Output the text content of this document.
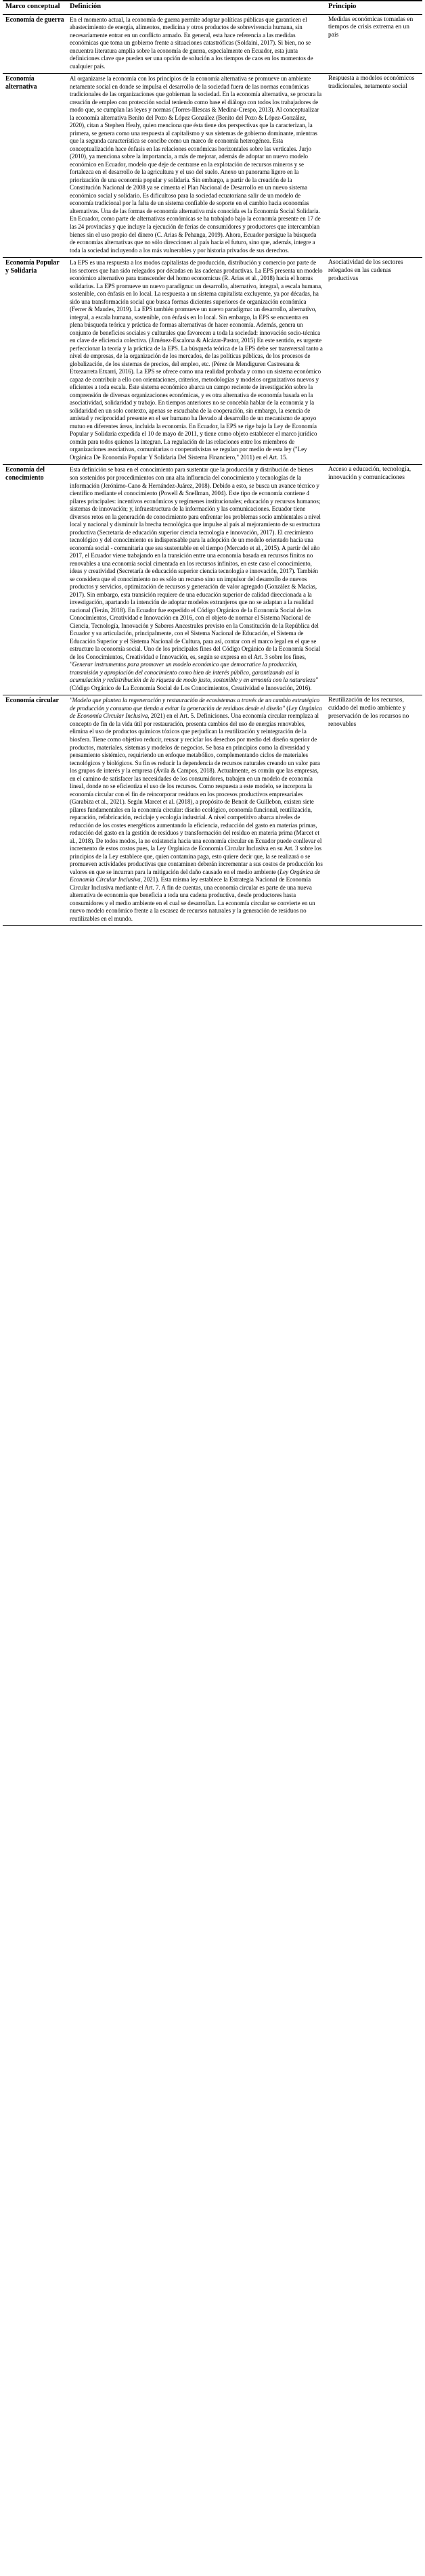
Marco conceptual	Definición	Principio
Economía de guerra	En el momento actual, la economía de guerra permite adoptar políticas públicas que garanticen el abastecimiento de energía, alimentos, medicina y otros productos de sobrevivencia humana, sin necesariamente entrar en un conflicto armado. En general, esta hace referencia a las medidas económicas que toma un gobierno frente a situaciones catastróficas (Soldaini, 2017). Si bien, no se encuentra literatura amplia sobre la economía de guerra, especialmente en Ecuador, esta junta definiciones clave que pueden ser una opción de solución a los tiempos de caos en los momentos de cualquier país.	Medidas económicas tomadas en tiempos de crisis extrema en un país
Economía alternativa	Al organizarse la economía con los principios de la economía alternativa se promueve un ambiente netamente social en donde se impulsa el desarrollo de la sociedad fuera de las normas económicas tradicionales de las organizaciones que gobiernan la sociedad. En la economía alternativa, se procura la creación de empleo con protección social teniendo como base el diálogo con todos los trabajadores de modo que, se cumplan las leyes y normas (Torres-Illescas & Medina-Crespo, 2013). Al conceptualizar la economía alternativa Benito del Pozo & López González (Benito del Pozo & López-González, 2020), citan a Stephen Healy, quien menciona que ésta tiene dos perspectivas que la caracterizan, la primera, se genera como una respuesta al capitalismo y sus sistemas de gobierno dominante, mientras que la segunda característica se concibe como un marco de economía heterogénea. Esta conceptualización hace énfasis en las relaciones económicas horizontales sobre las verticales. Jurjo (2010), ya menciona sobre la importancia, a más de mejorar, además de adoptar un nuevo modelo económico en Ecuador, modelo que deje de centrarse en la explotación de recursos mineros y se fortalezca en el desarrollo de la agricultura y el uso del suelo. Anexo un panorama ligero en la priorización de una economía popular y solidaria. Sin embargo, a partir de la creación de la Constitución Nacional de 2008 ya se cimenta el Plan Nacional de Desarrollo en un nuevo sistema económico social y solidario. Es dificultoso para la sociedad ecuatoriana salir de un modelo de economía tradicional por la falta de un sistema confiable de soporte en el cambio hacia economías alternativas. Una de las formas de economía alternativa más conocida es la Economía Social Solidaria. En Ecuador, como parte de alternativas económicas se ha trabajado bajo la economía presente en 17 de las 24 provincias y que incluye la ejecución de ferias de consumidores y productores que intercambian bienes sin el uso propio del dinero (C. Arias & Pehanga, 2019). Ahora, Ecuador persigue la búsqueda de economías alternativas que no sólo direccionen al país hacia el futuro, sino que, además, integre a toda la sociedad incluyendo a los más vulnerables y por historia privados de sus derechos.	Respuesta a modelos económicos tradicionales, netamente social
Economía Popular y Solidaria	La EPS es una respuesta a los modos capitalistas de producción, distribución y comercio por parte de los sectores que han sido relegados por décadas en las cadenas productivas. La EPS presenta un modelo económico alternativo para transcender del homo economicus (R. Arias et al., 2018) hacia el homus solidarius. La EPS promueve un nuevo paradigma: un desarrollo, alternativo, integral, a escala humana, sostenible, con énfasis en lo local. La respuesta a un sistema capitalista excluyente, ya por décadas, ha sido una transformación social que busca formas dicientes superiores de organización económica (Ferrer & Maudes, 2019). La EPS también promueve un nuevo paradigma: un desarrollo, alternativo, integral, a escala humana, sostenible, con énfasis en lo local. Sin embargo, la EPS se encuentra en plena búsqueda teórica y práctica de formas alternativas de hacer economía. Además, genera un conjunto de beneficios sociales y culturales que favorecen a toda la sociedad: innovación socio-técnica en clave de eficiencia colectiva. (Jiménez-Escalona & Alcázar-Pastor, 2015) En este sentido, es urgente perfeccionar la teoría y la práctica de la EPS. La búsqueda teórica de la EPS debe ser transversal tanto a nivel de empresas, de la organización de los mercados, de las políticas públicas, de los procesos de globalización, de los sistemas de precios, del empleo, etc. (Pérez de Mendiguren Castresana & Etxezarreta Etxarri, 2016). La EPS se ofrece como una realidad probada y como un sistema económico capaz de contribuir a ello con orientaciones, criterios, metodologías y modelos organizativos nuevos y eficientes a toda escala. Este sistema económico abarca un campo reciente de investigación sobre la comprensión de diversas organizaciones económicas, y es otra alternativa de economía basada en la asociatividad, solidaridad y trabajo. En tiempos anteriores no se concebía hablar de la economía y la solidaridad en un solo contexto, apenas se escuchaba de la cooperación, sin embargo, la esencia de amistad y reciprocidad presente en el ser humano ha llevado al desarrollo de un mecanismo de apoyo mutuo en diferentes áreas, incluida la economía. En Ecuador, la EPS se rige bajo la Ley de Economía Popular y Solidaria expedida el 10 de mayo de 2011, y tiene como objeto establecer el marco jurídico común para todos quienes la integran. La regulación de las relaciones entre los miembros de organizaciones asociativas, comunitarias o cooperativistas se regulan por medio de esta ley ("Ley Orgánica De Economía Popular Y Solidaria Del Sistema Financiero," 2011) en el Art. 15.	Asociatividad de los sectores relegados en las cadenas productivas
Economía del conocimiento	Esta definición se basa en el conocimiento para sustentar que la producción y distribución de bienes son sostenidos por procedimientos con una alta influencia del conocimiento y tecnologías de la información (Jerónimo-Cano & Hernández-Juárez, 2018). Debido a esto, se busca un avance técnico y científico mediante el conocimiento (Powell & Snellman, 2004). Este tipo de economía contiene 4 pilares principales: incentivos económicos y regímenes institucionales; educación y recursos humanos; sistemas de innovación; y, infraestructura de la información y las comunicaciones. Ecuador tiene diversos retos en la generación de conocimiento para enfrentar los problemas socio ambientales a nivel local y nacional y disminuir la brecha tecnológica que impulse al país al mejoramiento de su estructura productiva (Secretaría de educación superior ciencia tecnología e innovación, 2017). El crecimiento tecnológico y del conocimiento es indispensable para la adopción de un modelo orientado hacia una economía social - comunitaria que sea sustentable en el tiempo (Mercado et al., 2015). A partir del año 2017, el Ecuador viene trabajando en la transición entre una economía basada en recursos finitos no renovables a una economía social cimentada en los recursos infinitos, en este caso el conocimiento, ideas y creatividad (Secretaría de educación superior ciencia tecnología e innovación, 2017). También se considera que el conocimiento no es sólo un recurso sino un impulsor del desarrollo de nuevos productos y servicios, optimización de recursos y generación de valor agregado (González & Macías, 2017). Sin embargo, esta transición requiere de una educación superior de calidad direccionada a la investigación, apartando la intención de adoptar modelos extranjeros que no se adaptan a la realidad nacional (Terán, 2018). En Ecuador fue expedido el Código Orgánico de la Economía Social de los Conocimientos, Creatividad e Innovación en 2016, con el objeto de normar el Sistema Nacional de Ciencia, Tecnología, Innovación y Saberes Ancestrales previsto en la Constitución de la República del Ecuador y su articulación, principalmente, con el Sistema Nacional de Educación, el Sistema de Educación Superior y el Sistema Nacional de Cultura, para así, contar con el marco legal en el que se estructure la economía social. Uno de los principales fines del Código Orgánico de la Economía Social de los Conocimientos, Creatividad e Innovación, es, según se expresa en el Art. 3 sobre los fines, "Generar instrumentos para promover un modelo económico que democratice la producción, transmisión y apropiación del conocimiento como bien de interés público, garantizando así la acumulación y redistribución de la riqueza de modo justo, sostenible y en armonía con la naturaleza" (Código Orgánico de La Economía Social de Los Conocimientos, Creatividad e Innovación, 2016).	Acceso a educación, tecnología, innovación y comunicaciones
Economía circular	"Modelo que plantea la regeneración y restauración de ecosistemas a través de un cambio estratégico de producción y consumo que tienda a evitar la generación de residuos desde el diseño" (Ley Orgánica de Economía Circular Inclusiva, 2021) en el Art. 5. Definiciones. Una economía circular reemplaza al concepto de fin de la vida útil por restauración, presenta cambios del uso de energías renovables, elimina el uso de productos químicos tóxicos que perjudican la reutilización y reintegración de la biosfera. Tiene como objetivo reducir, reusar y reciclar los desechos por medio del diseño superior de productos, materiales, sistemas y modelos de negocios. Se basa en principios como la diversidad y pensamiento sistémico, requiriendo un enfoque metabólico, complementando ciclos de materiales tecnológicos y biológicos. Su fin es reducir la dependencia de recursos naturales creando un valor para los grupos de interés y la empresa (Ávila & Campos, 2018). Actualmente, es común que las empresas, en el camino de satisfacer las necesidades de los consumidores, trabajen en un modelo de economía lineal, donde no se eficientiza el uso de los recursos. Como respuesta a este modelo, se incorpora la economía circular con el fin de reincorporar residuos en los procesos productivos empresariales (Garabiza et al., 2021). Según Marcet et al. (2018), a propósito de Benoit de Guillebon, existen siete pilares fundamentales en la economía circular: diseño ecológico, economía funcional, reutilización, reparación, refabricación, reciclaje y ecología industrial. A nivel competitivo abarca niveles de reducción de los costes energéticos aumentando la eficiencia, reducción del gasto en materias primas, reducción del gasto en la gestión de residuos y transformación del residuo en materia prima (Marcet et al., 2018). De todos modos, la no existencia hacia una economía circular en Ecuador puede conllevar el incremento de estos costos pues, la Ley Orgánica de Economía Circular Inclusiva en su Art. 3 sobre los principios de la Ley establece que, quien contamina paga, esto quiere decir que, la se realizará o se promueven actividades productivas que contaminen deberán incrementar a sus costos de producción los valores en que se incurran para la mitigación del daño causado en el medio ambiente (Ley Orgánica de Economía Circular Inclusiva, 2021). Esta misma ley establece la Estrategia Nacional de Economía Circular Inclusiva mediante el Art. 7. A fin de cuentas, una economía circular es parte de una nueva alternativa de economía que beneficia a toda una cadena productiva, desde productores hasta consumidores y el medio ambiente en el cual se desarrollan. La economía circular se convierte en un nuevo modelo económico frente a la escasez de recursos naturales y la generación de residuos no reutilizables en el mundo.	Reutilización de los recursos, cuidado del medio ambiente y preservación de los recursos no renovables
